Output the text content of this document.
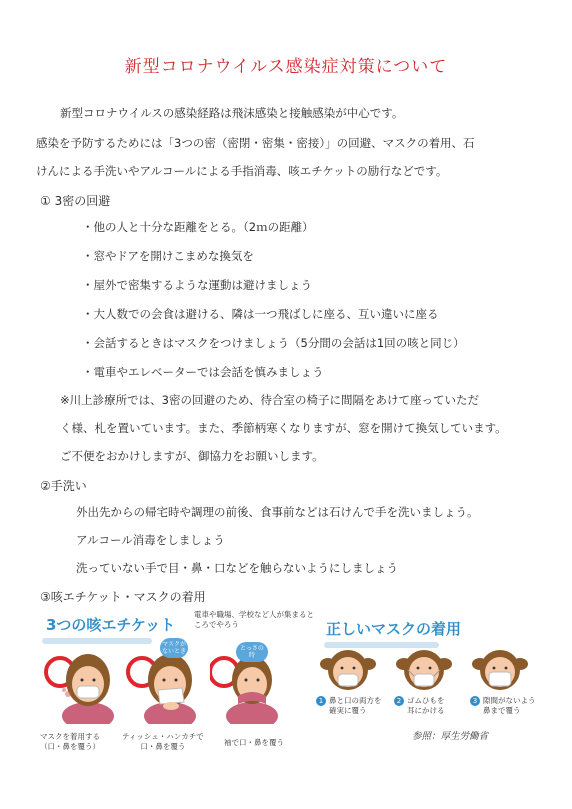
新型コロナウイルス感染症対策について
新型コロナウイルスの感染経路は飛沫感染と接触感染が中心です。
感染を予防するためには「3つの密（密閉・密集・密接）」の回避、マスクの着用、石
けんによる手洗いやアルコールによる手指消毒、咳エチケットの励行などです。
① 3密の回避
・他の人と十分な距離をとる。（2ｍの距離）
・窓やドアを開けこまめな換気を
・屋外で密集するような運動は避けましょう
・大人数での会食は避ける、隣は一つ飛ばしに座る、互い違いに座る
・会話するときはマスクをつけましょう（5分間の会話は1回の咳と同じ）
・電車やエレベーターでは会話を慎みましょう
※川上診療所では、3密の回避のため、待合室の椅子に間隔をあけて座っていただ
く様、札を置いています。また、季節柄寒くなりますが、窓を開けて換気しています。
ご不便をおかけしますが、御協力をお願いします。
②手洗い
外出先からの帰宅時や調理の前後、食事前などは石けんで手を洗いましょう。
アルコール消毒をしましょう
洗っていない手で目・鼻・口などを触らないようにしましょう
③咳エチケット・マスクの着用
3つの咳エチケット
電車や職場、学校など人が集まるところでやろう
マスクを着用する
（口・鼻を覆う）
マスクがないとき
ティッシュ・ハンカチで
口・鼻を覆う
とっさの時
袖で口・鼻を覆う
正しいマスクの着用
1 鼻と口の両方を
確実に覆う
2 ゴムひもを
耳にかける
3 隙間がないよう
鼻まで覆う
参照：厚生労働省
